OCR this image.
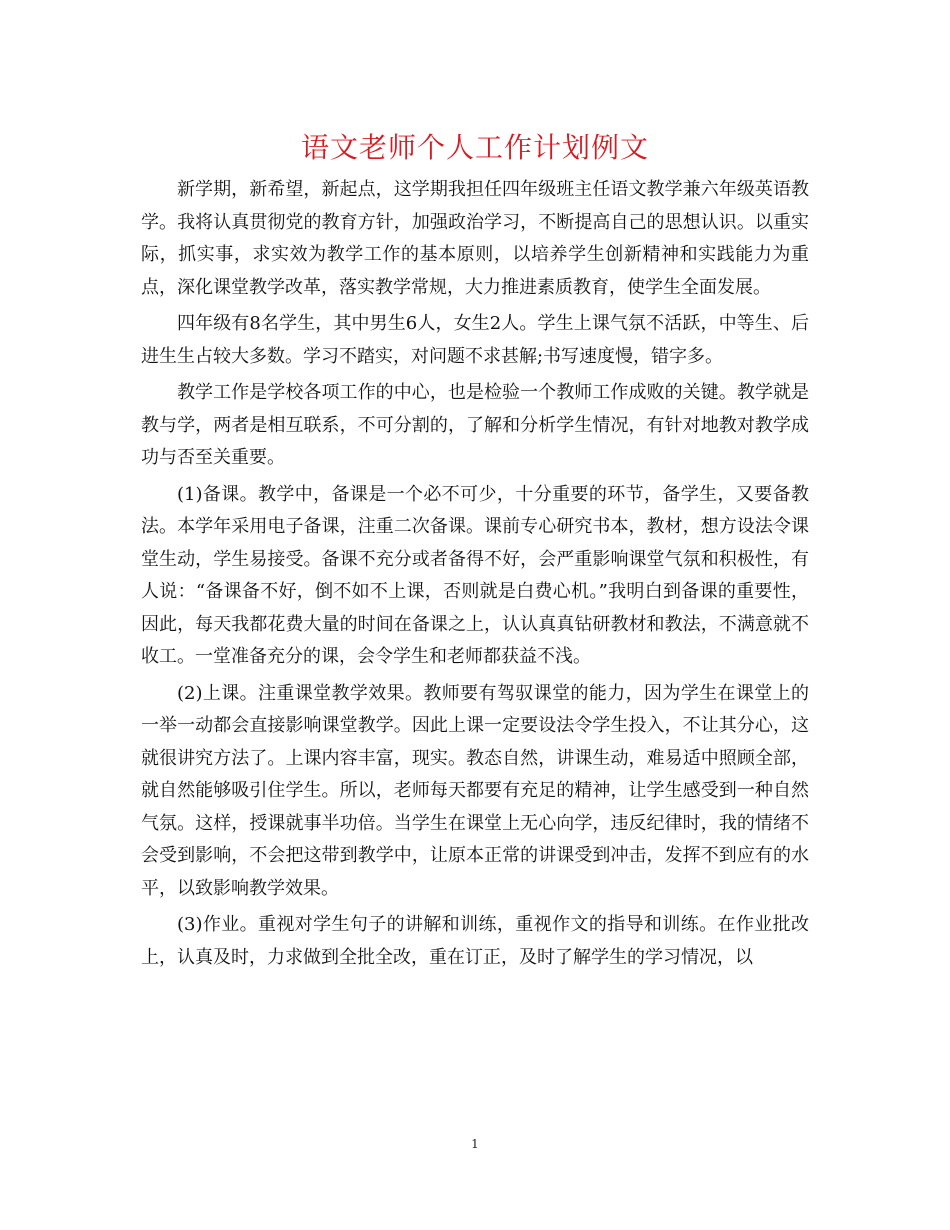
语文老师个人工作计划例文

新学期，新希望，新起点，这学期我担任四年级班主任语文教学兼六年级英语教学。我将认真贯彻党的教育方针，加强政治学习，不断提高自己的思想认识。以重实际，抓实事，求实效为教学工作的基本原则，以培养学生创新精神和实践能力为重点，深化课堂教学改革，落实教学常规，大力推进素质教育，使学生全面发展。

四年级有8名学生，其中男生6人，女生2人。学生上课气氛不活跃，中等生、后进生生占较大多数。学习不踏实，对问题不求甚解;书写速度慢，错字多。

教学工作是学校各项工作的中心，也是检验一个教师工作成败的关键。教学就是教与学，两者是相互联系，不可分割的，了解和分析学生情况，有针对地教对教学成功与否至关重要。

(1)备课。教学中，备课是一个必不可少，十分重要的环节，备学生，又要备教法。本学年采用电子备课，注重二次备课。课前专心研究书本，教材，想方设法令课堂生动，学生易接受。备课不充分或者备得不好，会严重影响课堂气氛和积极性，有人说：“备课备不好，倒不如不上课，否则就是白费心机。”我明白到备课的重要性，因此，每天我都花费大量的时间在备课之上，认认真真钻研教材和教法，不满意就不收工。一堂准备充分的课，会令学生和老师都获益不浅。

(2)上课。注重课堂教学效果。教师要有驾驭课堂的能力，因为学生在课堂上的一举一动都会直接影响课堂教学。因此上课一定要设法令学生投入，不让其分心，这就很讲究方法了。上课内容丰富，现实。教态自然，讲课生动，难易适中照顾全部，就自然能够吸引住学生。所以，老师每天都要有充足的精神，让学生感受到一种自然气氛。这样，授课就事半功倍。当学生在课堂上无心向学，违反纪律时，我的情绪不会受到影响，不会把这带到教学中，让原本正常的讲课受到冲击，发挥不到应有的水平，以致影响教学效果。

(3)作业。重视对学生句子的讲解和训练，重视作文的指导和训练。在作业批改上，认真及时，力求做到全批全改，重在订正，及时了解学生的学习情况，以

1
